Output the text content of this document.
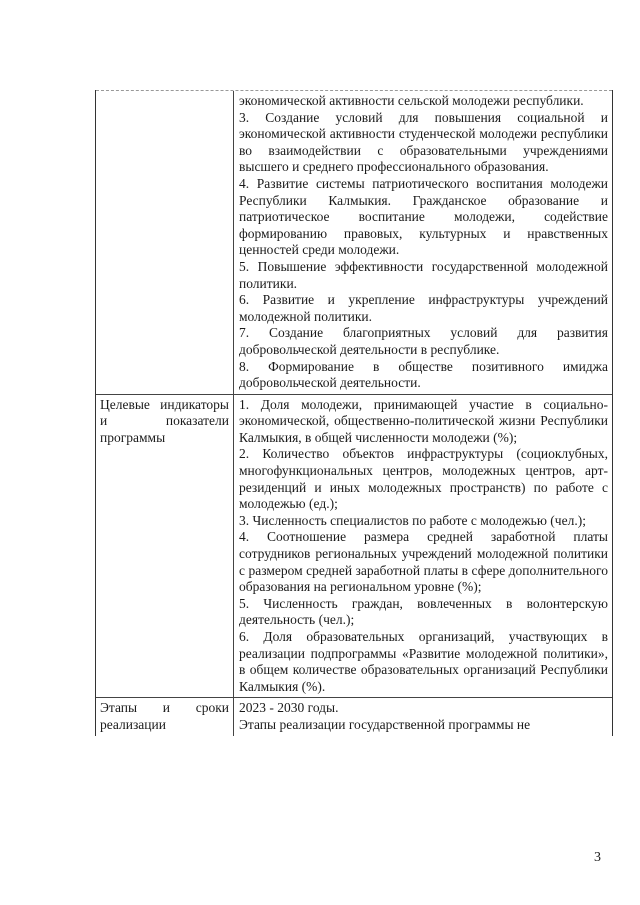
экономической активности сельской молодежи республики.

3. Создание условий для повышения социальной и экономической активности студенческой молодежи республики во взаимодействии с образовательными учреждениями высшего и среднего профессионального образования.

4. Развитие системы патриотического воспитания молодежи Республики Калмыкия. Гражданское образование и патриотическое воспитание молодежи, содействие формированию правовых, культурных и нравственных ценностей среди молодежи.

5. Повышение эффективности государственной молодежной политики.

6. Развитие и укрепление инфраструктуры учреждений молодежной политики.

7. Создание благоприятных условий для развития добровольческой деятельности в республике.

8. Формирование в обществе позитивного имиджа добровольческой деятельности.

Целевые индикаторы и показатели программы

1. Доля молодежи, принимающей участие в социально-экономической, общественно-политической жизни Республики Калмыкия, в общей численности молодежи (%);

2. Количество объектов инфраструктуры (социоклубных, многофункциональных центров, молодежных центров, арт-резиденций и иных молодежных пространств) по работе с молодежью (ед.);

3. Численность специалистов по работе с молодежью (чел.);

4. Соотношение размера средней заработной платы сотрудников региональных учреждений молодежной политики с размером средней заработной платы в сфере дополнительного образования на региональном уровне (%);

5. Численность граждан, вовлеченных в волонтерскую деятельность (чел.);

6. Доля образовательных организаций, участвующих в реализации подпрограммы «Развитие молодежной политики», в общем количестве образовательных организаций Республики Калмыкия (%).

Этапы и сроки реализации

2023 - 2030 годы.

Этапы реализации государственной программы не

3
